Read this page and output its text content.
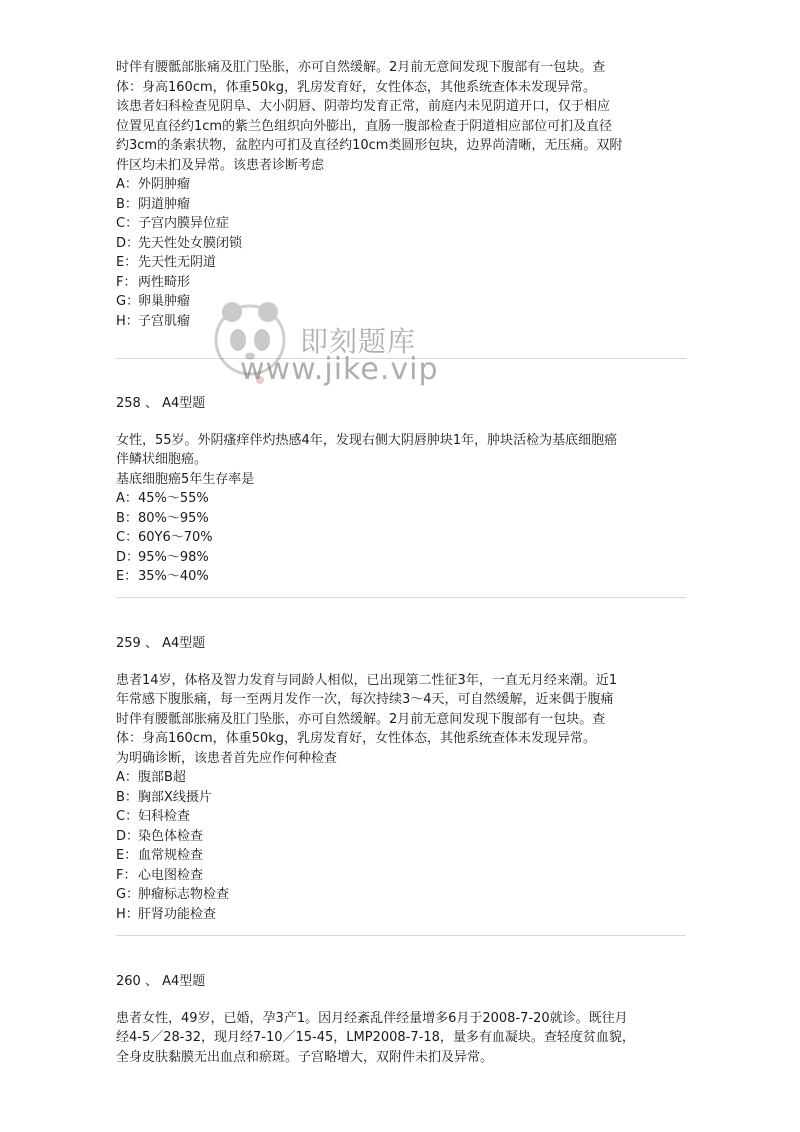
时伴有腰骶部胀痛及肛门坠胀，亦可自然缓解。2月前无意间发现下腹部有一包块。查
体：身高160cm，体重50kg，乳房发育好，女性体态，其他系统查体未发现异常。
该患者妇科检查见阴阜、大小阴唇、阴蒂均发育正常，前庭内未见阴道开口，仅于相应
位置见直径约1cm的紫兰色组织向外膨出，直肠一腹部检查于阴道相应部位可扪及直径
约3cm的条索状物，盆腔内可扪及直径约10cm类圆形包块，边界尚清晰，无压痛。双附
件区均未扪及异常。该患者诊断考虑
A：外阴肿瘤
B：阴道肿瘤
C：子宫内膜异位症
D：先天性处女膜闭锁
E：先天性无阴道
F： 两性畸形
G：卵巢肿瘤
H：子宫肌瘤
258 、 A4型题
女性，55岁。外阴瘙痒伴灼热感4年，发现右侧大阴唇肿块1年，肿块活检为基底细胞癌
伴鳞状细胞癌。
基底细胞癌5年生存率是
A：45%～55%
B：80%～95%
C：60Y6～70%
D：95%～98%
E：35%～40%
259 、 A4型题
患者14岁，体格及智力发育与同龄人相似，已出现第二性征3年，一直无月经来潮。近1
年常感下腹胀痛，每一至两月发作一次，每次持续3～4天，可自然缓解，近来偶于腹痛
时伴有腰骶部胀痛及肛门坠胀，亦可自然缓解。2月前无意间发现下腹部有一包块。查
体：身高160cm，体重50kg，乳房发育好，女性体态，其他系统查体未发现异常。
为明确诊断，该患者首先应作何种检查
A：腹部B超
B：胸部X线摄片
C：妇科检查
D：染色体检查
E：血常规检查
F： 心电图检查
G：肿瘤标志物检查
H：肝肾功能检查
260 、 A4型题
患者女性，49岁，已婚，孕3产1。因月经紊乱伴经量增多6月于2008-7-20就诊。既往月
经4-5／28-32，现月经7-10／15-45，LMP2008-7-18，量多有血凝块。查轻度贫血貌，
全身皮肤黏膜无出血点和瘀斑。子宫略增大，双附件未扪及异常。
即刻题库
www.jike.vip
